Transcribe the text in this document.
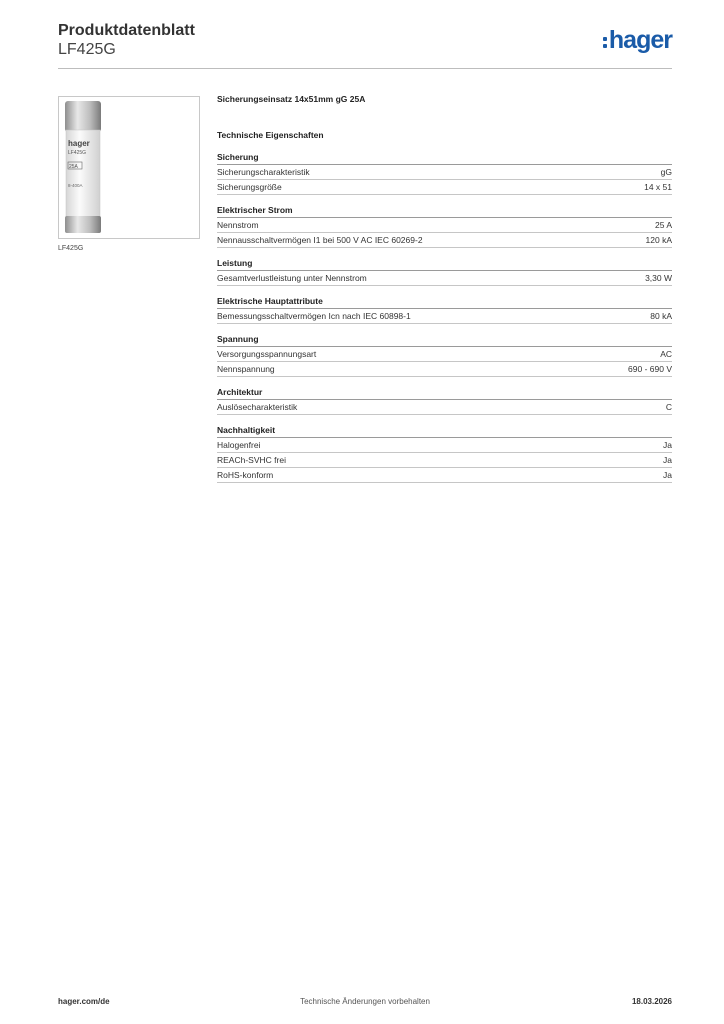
Produktdatenblatt
LF425G	hager
hager
LF425G
25A
8-400A
LF425G
Sicherungseinsatz 14x51mm gG 25A
Technische Eigenschaften
Sicherung
Sicherungscharakteristik	gG
Sicherungsgröße	14 x 51
Elektrischer Strom
Nennstrom	25 A
Nennausschaltvermögen I1 bei 500 V AC IEC 60269-2	120 kA
Leistung
Gesamtverlustleistung unter Nennstrom	3,30 W
Elektrische Hauptattribute
Bemessungsschaltvermögen Icn nach IEC 60898-1	80 kA
Spannung
Versorgungsspannungsart	AC
Nennspannung	690 - 690 V
Architektur
Auslösecharakteristik	C
Nachhaltigkeit
Halogenfrei	Ja
REACh-SVHC frei	Ja
RoHS-konform	Ja
hager.com/de	Technische Änderungen vorbehalten	18.03.2026
